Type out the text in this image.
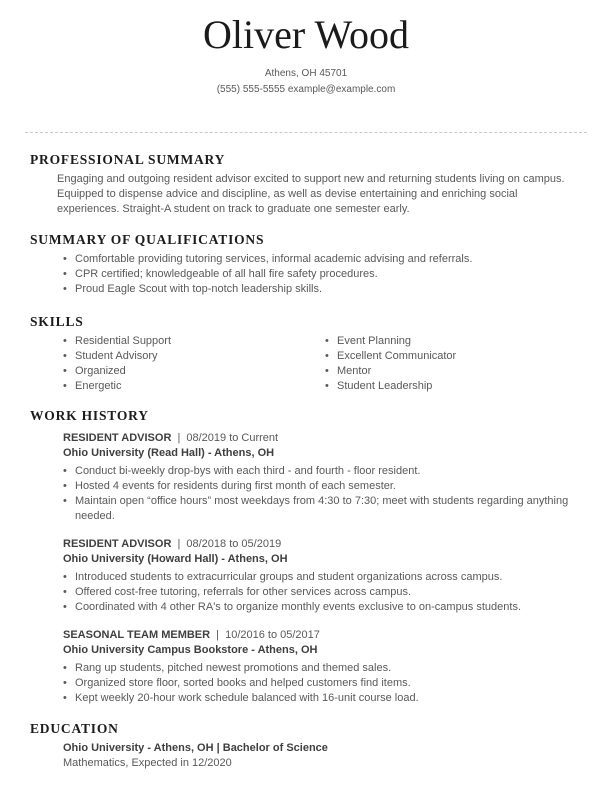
Oliver Wood
Athens, OH 45701
(555) 555-5555 example@example.com
PROFESSIONAL SUMMARY

Engaging and outgoing resident advisor excited to support new and returning students living on campus. Equipped to dispense advice and discipline, as well as devise entertaining and enriching social experiences. Straight-A student on track to graduate one semester early.

SUMMARY OF QUALIFICATIONS
• Comfortable providing tutoring services, informal academic advising and referrals.
• CPR certified; knowledgeable of all hall fire safety procedures.
• Proud Eagle Scout with top-notch leadership skills.
SKILLS
• Residential Support
• Student Advisory
• Organized
• Energetic
• Event Planning
• Excellent Communicator
• Mentor
• Student Leadership
WORK HISTORY
RESIDENT ADVISOR | 08/2019 to Current
Ohio University (Read Hall) - Athens, OH
• Conduct bi-weekly drop-bys with each third - and fourth - floor resident.
• Hosted 4 events for residents during first month of each semester.
• Maintain open “office hours” most weekdays from 4:30 to 7:30; meet with students regarding anything needed.
RESIDENT ADVISOR | 08/2018 to 05/2019
Ohio University (Howard Hall) - Athens, OH
• Introduced students to extracurricular groups and student organizations across campus.
• Offered cost-free tutoring, referrals for other services across campus.
• Coordinated with 4 other RA's to organize monthly events exclusive to on-campus students.
SEASONAL TEAM MEMBER | 10/2016 to 05/2017
Ohio University Campus Bookstore - Athens, OH
• Rang up students, pitched newest promotions and themed sales.
• Organized store floor, sorted books and helped customers find items.
• Kept weekly 20-hour work schedule balanced with 16-unit course load.
EDUCATION
Ohio University - Athens, OH | Bachelor of Science
Mathematics, Expected in 12/2020
